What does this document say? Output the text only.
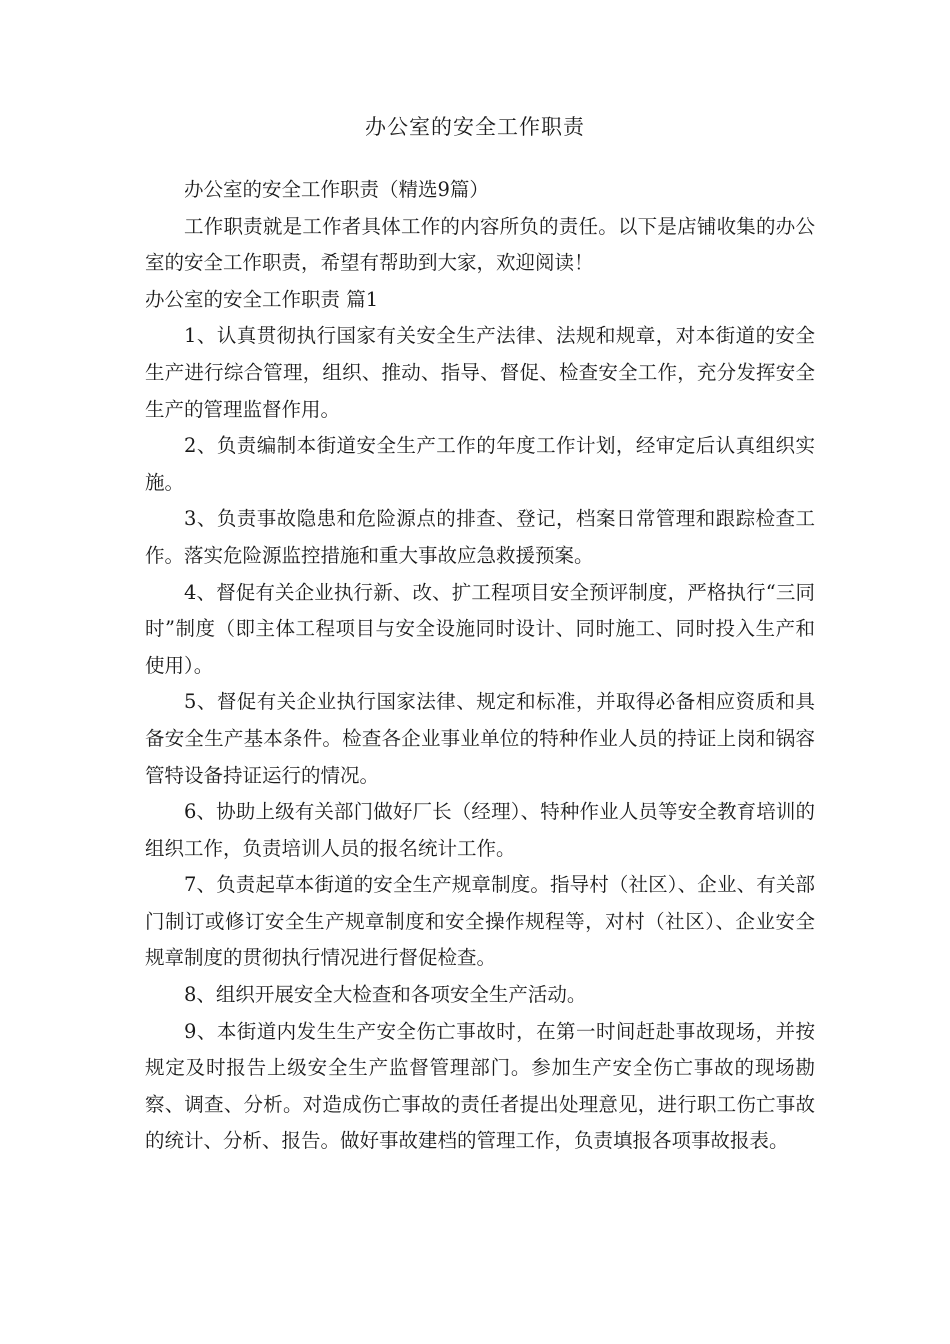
办公室的安全工作职责

办公室的安全工作职责（精选9篇）

工作职责就是工作者具体工作的内容所负的责任。以下是店铺收集的办公室的安全工作职责，希望有帮助到大家，欢迎阅读！

办公室的安全工作职责 篇1

1、认真贯彻执行国家有关安全生产法律、法规和规章，对本街道的安全生产进行综合管理，组织、推动、指导、督促、检查安全工作，充分发挥安全生产的管理监督作用。

2、负责编制本街道安全生产工作的年度工作计划，经审定后认真组织实施。

3、负责事故隐患和危险源点的排查、登记，档案日常管理和跟踪检查工作。落实危险源监控措施和重大事故应急救援预案。

4、督促有关企业执行新、改、扩工程项目安全预评制度，严格执行“三同时”制度（即主体工程项目与安全设施同时设计、同时施工、同时投入生产和使用）。

5、督促有关企业执行国家法律、规定和标准，并取得必备相应资质和具备安全生产基本条件。检查各企业事业单位的特种作业人员的持证上岗和锅容管特设备持证运行的情况。

6、协助上级有关部门做好厂长（经理）、特种作业人员等安全教育培训的组织工作，负责培训人员的报名统计工作。

7、负责起草本街道的安全生产规章制度。指导村（社区）、企业、有关部门制订或修订安全生产规章制度和安全操作规程等，对村（社区）、企业安全规章制度的贯彻执行情况进行督促检查。

8、组织开展安全大检查和各项安全生产活动。

9、本街道内发生生产安全伤亡事故时，在第一时间赶赴事故现场，并按规定及时报告上级安全生产监督管理部门。参加生产安全伤亡事故的现场勘察、调查、分析。对造成伤亡事故的责任者提出处理意见，进行职工伤亡事故的统计、分析、报告。做好事故建档的管理工作，负责填报各项事故报表。
